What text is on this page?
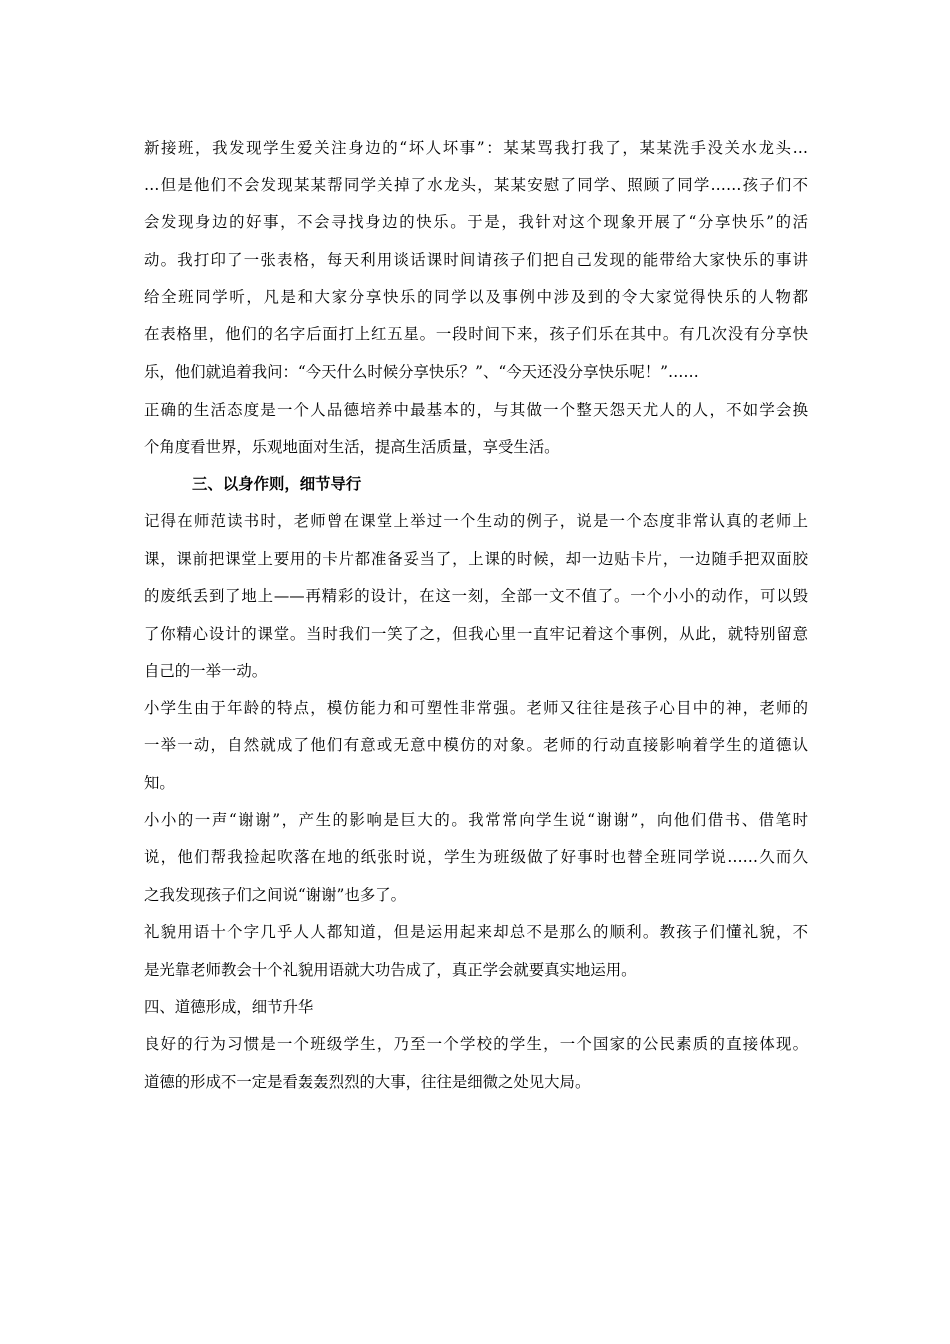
新接班，我发现学生爱关注身边的“坏人坏事”：某某骂我打我了，某某洗手没关水龙头…
…但是他们不会发现某某帮同学关掉了水龙头，某某安慰了同学、照顾了同学……孩子们不
会发现身边的好事，不会寻找身边的快乐。于是，我针对这个现象开展了“分享快乐”的活
动。我打印了一张表格，每天利用谈话课时间请孩子们把自己发现的能带给大家快乐的事讲
给全班同学听，凡是和大家分享快乐的同学以及事例中涉及到的令大家觉得快乐的人物都
在表格里，他们的名字后面打上红五星。一段时间下来，孩子们乐在其中。有几次没有分享快
乐，他们就追着我问：“今天什么时候分享快乐？”、“今天还没分享快乐呢！”……
正确的生活态度是一个人品德培养中最基本的，与其做一个整天怨天尤人的人，不如学会换
个角度看世界，乐观地面对生活，提高生活质量，享受生活。
三、以身作则，细节导行
记得在师范读书时，老师曾在课堂上举过一个生动的例子，说是一个态度非常认真的老师上
课，课前把课堂上要用的卡片都准备妥当了，上课的时候，却一边贴卡片，一边随手把双面胶
的废纸丢到了地上——再精彩的设计，在这一刻，全部一文不值了。一个小小的动作，可以毁
了你精心设计的课堂。当时我们一笑了之，但我心里一直牢记着这个事例，从此，就特别留意
自己的一举一动。
小学生由于年龄的特点，模仿能力和可塑性非常强。老师又往往是孩子心目中的神，老师的
一举一动，自然就成了他们有意或无意中模仿的对象。老师的行动直接影响着学生的道德认
知。
小小的一声“谢谢”，产生的影响是巨大的。我常常向学生说“谢谢”，向他们借书、借笔时
说，他们帮我捡起吹落在地的纸张时说，学生为班级做了好事时也替全班同学说……久而久
之我发现孩子们之间说“谢谢”也多了。
礼貌用语十个字几乎人人都知道，但是运用起来却总不是那么的顺利。教孩子们懂礼貌，不
是光靠老师教会十个礼貌用语就大功告成了，真正学会就要真实地运用。
四、道德形成，细节升华
良好的行为习惯是一个班级学生，乃至一个学校的学生，一个国家的公民素质的直接体现。
道德的形成不一定是看轰轰烈烈的大事，往往是细微之处见大局。
